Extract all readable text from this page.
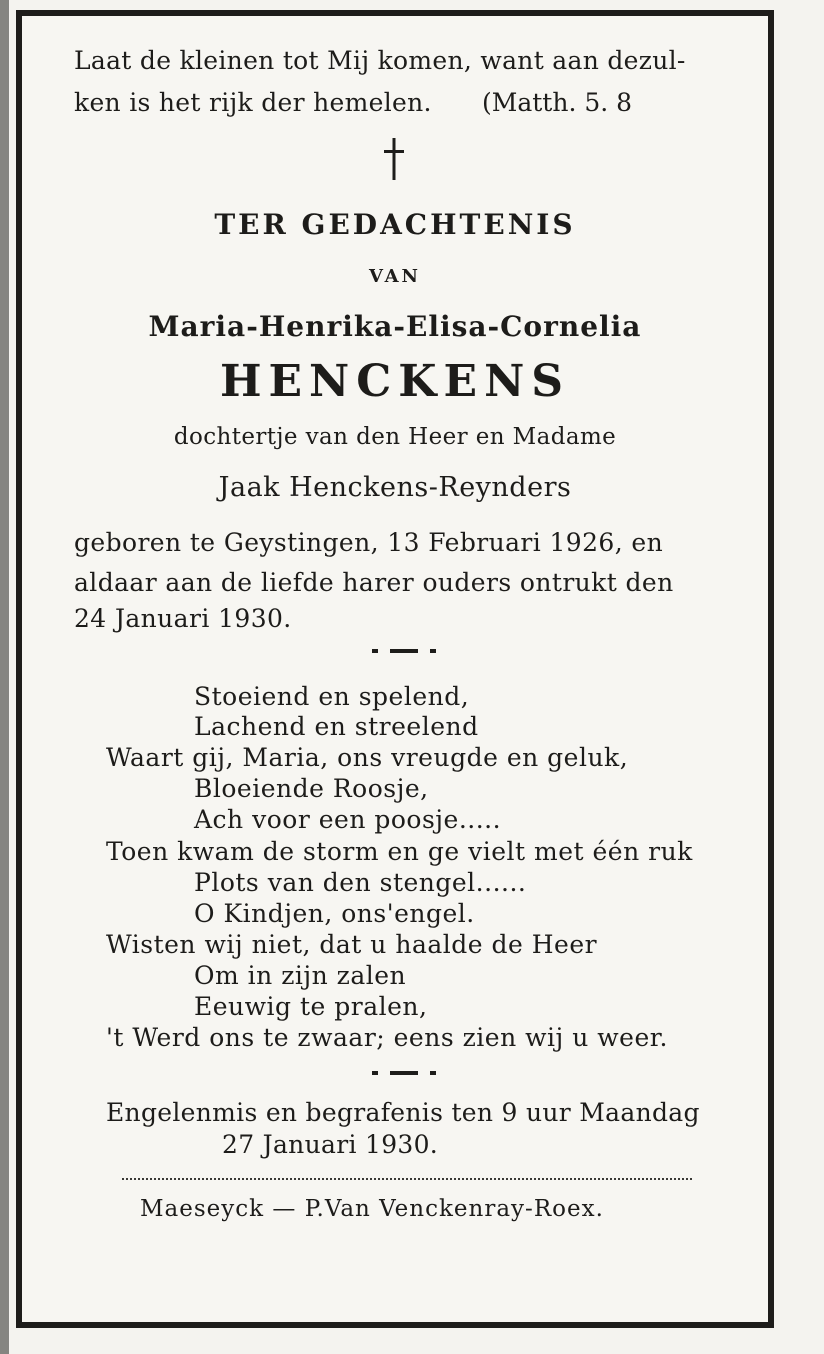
Laat de kleinen tot Mij komen, want aan dezul-

ken is het rijk der hemelen. (Matth. 5. 8

TER GEDACHTENIS
VAN
Maria-Henrika-Elisa-Cornelia
HENCKENS
dochtertje van den Heer en Madame
Jaak Henckens-Reynders

geboren te Geystingen, 13 Februari 1926, en

aldaar aan de liefde harer ouders ontrukt den

24 Januari 1930.

Stoeiend en spelend,
Lachend en streelend
Waart gij, Maria, ons vreugde en geluk,
Bloeiende Roosje,
Ach voor een poosje.....
Toen kwam de storm en ge vielt met één ruk
Plots van den stengel......
O Kindjen, ons'engel.
Wisten wij niet, dat u haalde de Heer
Om in zijn zalen
Eeuwig te pralen,
't Werd ons te zwaar; eens zien wij u weer.

Engelenmis en begrafenis ten 9 uur Maandag

27 Januari 1930.

Maeseyck — P.Van Venckenray-Roex.
